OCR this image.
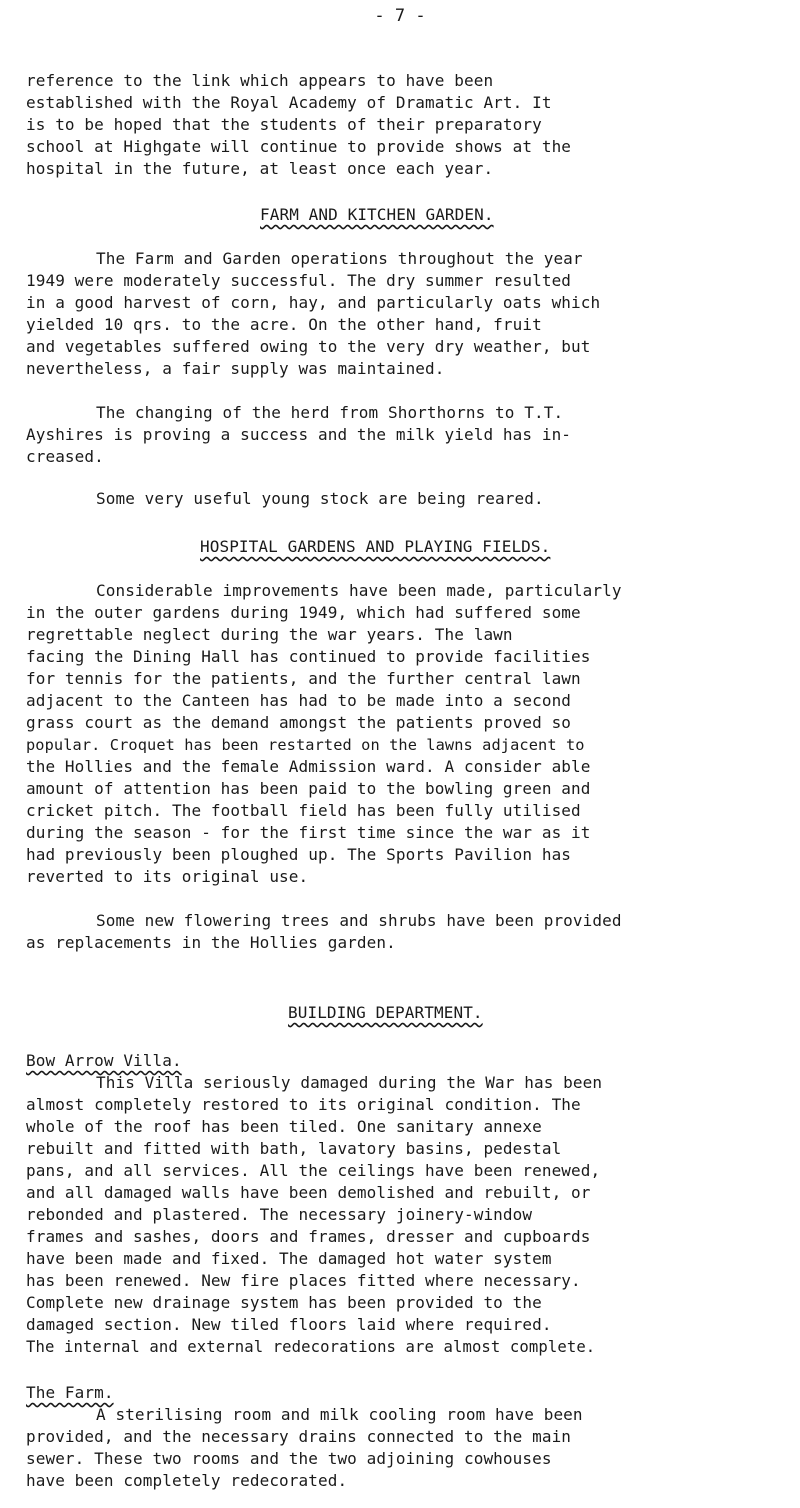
- 7 -
reference to the link which appears to have been
established with the Royal Academy of Dramatic Art. It
is to be hoped that the students of their preparatory
school at Highgate will continue to provide shows at the
hospital in the future, at least once each year.
FARM AND KITCHEN GARDEN.
The Farm and Garden operations throughout the year
1949 were moderately successful. The dry summer resulted
in a good harvest of corn, hay, and particularly oats which
yielded 10 qrs. to the acre. On the other hand, fruit
and vegetables suffered owing to the very dry weather, but
nevertheless, a fair supply was maintained.
The changing of the herd from Shorthorns to T.T.
Ayshires is proving a success and the milk yield has in-
creased.
Some very useful young stock are being reared.
HOSPITAL GARDENS AND PLAYING FIELDS.
Considerable improvements have been made, particularly
in the outer gardens during 1949, which had suffered some
regrettable neglect during the war years. The lawn
facing the Dining Hall has continued to provide facilities
for tennis for the patients, and the further central lawn
adjacent to the Canteen has had to be made into a second
grass court as the demand amongst the patients proved so
popular. Croquet has been restarted on the lawns adjacent to
the Hollies and the female Admission ward. A consider able
amount of attention has been paid to the bowling green and
cricket pitch. The football field has been fully utilised
during the season - for the first time since the war as it
had previously been ploughed up. The Sports Pavilion has
reverted to its original use.
Some new flowering trees and shrubs have been provided
as replacements in the Hollies garden.
BUILDING DEPARTMENT.
Bow Arrow Villa.
This Villa seriously damaged during the War has been
almost completely restored to its original condition. The
whole of the roof has been tiled. One sanitary annexe
rebuilt and fitted with bath, lavatory basins, pedestal
pans, and all services. All the ceilings have been renewed,
and all damaged walls have been demolished and rebuilt, or
rebonded and plastered. The necessary joinery-window
frames and sashes, doors and frames, dresser and cupboards
have been made and fixed. The damaged hot water system
has been renewed. New fire places fitted where necessary.
Complete new drainage system has been provided to the
damaged section. New tiled floors laid where required.
The internal and external redecorations are almost complete.
The Farm.
A sterilising room and milk cooling room have been
provided, and the necessary drains connected to the main
sewer. These two rooms and the two adjoining cowhouses
have been completely redecorated.
